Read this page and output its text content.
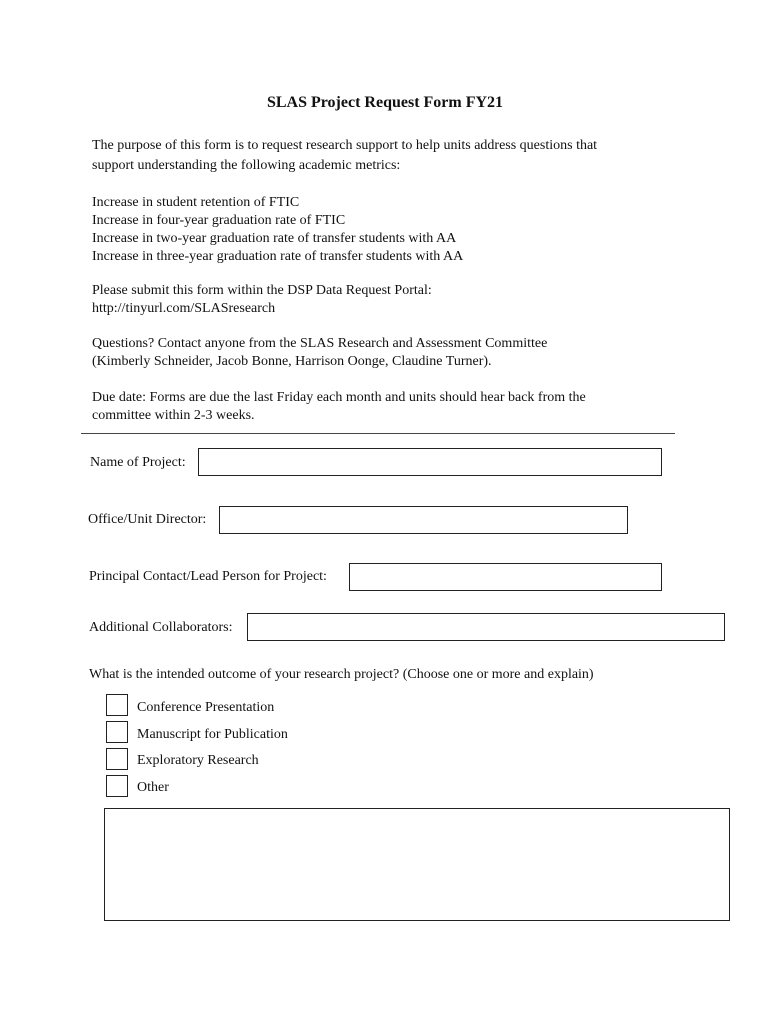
SLAS Project Request Form FY21
The purpose of this form is to request research support to help units address questions that
support understanding the following academic metrics:
Increase in student retention of FTIC
Increase in four-year graduation rate of FTIC
Increase in two-year graduation rate of transfer students with AA
Increase in three-year graduation rate of transfer students with AA
Please submit this form within the DSP Data Request Portal:
http://tinyurl.com/SLASresearch
Questions? Contact anyone from the SLAS Research and Assessment Committee
(Kimberly Schneider, Jacob Bonne, Harrison Oonge, Claudine Turner).
Due date: Forms are due the last Friday each month and units should hear back from the
committee within 2-3 weeks.
Name of Project:
Office/Unit Director:
Principal Contact/Lead Person for Project:
Additional Collaborators:
What is the intended outcome of your research project? (Choose one or more and explain)
Conference Presentation
Manuscript for Publication
Exploratory Research
Other
